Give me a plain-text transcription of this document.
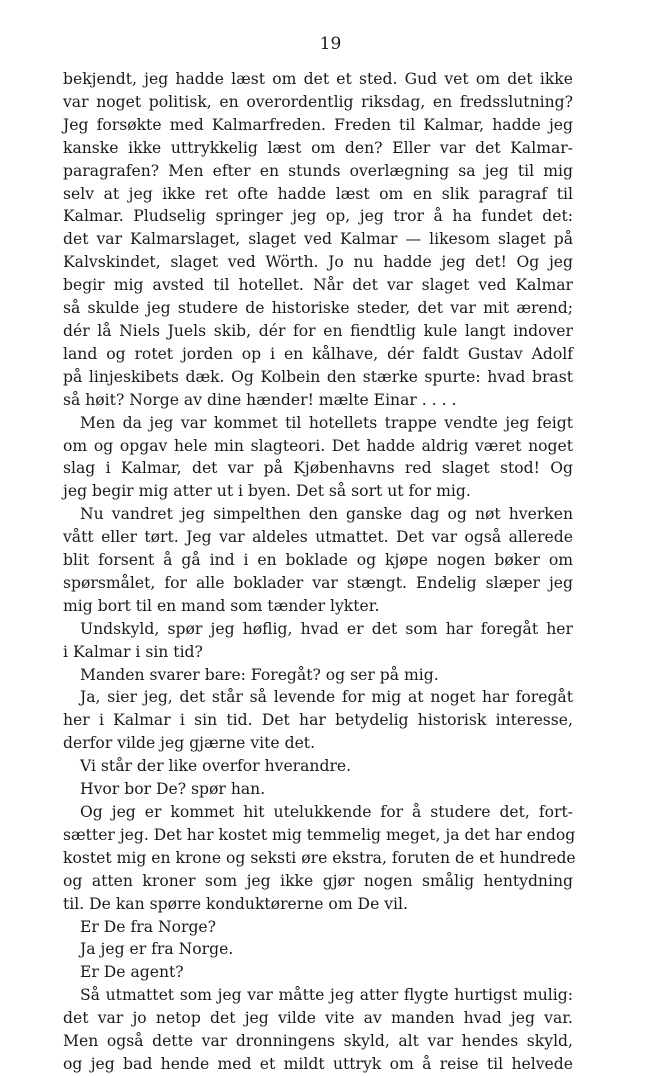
19

bekjendt, jeg hadde læst om det et sted. Gud vet om det ikke
var noget politisk, en overordentlig riksdag, en fredsslutning?
Jeg forsøkte med Kalmarfreden. Freden til Kalmar, hadde jeg
kanske ikke uttrykkelig læst om den? Eller var det Kalmar-
paragrafen? Men efter en stunds overlægning sa jeg til mig
selv at jeg ikke ret ofte hadde læst om en slik paragraf til
Kalmar. Pludselig springer jeg op, jeg tror å ha fundet det:
det var Kalmarslaget, slaget ved Kalmar — likesom slaget på
Kalvskindet, slaget ved Wörth. Jo nu hadde jeg det! Og jeg
begir mig avsted til hotellet. Når det var slaget ved Kalmar
så skulde jeg studere de historiske steder, det var mit ærend;
dér lå Niels Juels skib, dér for en fiendtlig kule langt indover
land og rotet jorden op i en kålhave, dér faldt Gustav Adolf
på linjeskibets dæk. Og Kolbein den stærke spurte: hvad brast
så høit? Norge av dine hænder! mælte Einar . . . .

Men da jeg var kommet til hotellets trappe vendte jeg feigt
om og opgav hele min slagteori. Det hadde aldrig været noget
slag i Kalmar, det var på Kjøbenhavns red slaget stod! Og
jeg begir mig atter ut i byen. Det så sort ut for mig.

Nu vandret jeg simpelthen den ganske dag og nøt hverken
vått eller tørt. Jeg var aldeles utmattet. Det var også allerede
blit forsent å gå ind i en boklade og kjøpe nogen bøker om
spørsmålet, for alle boklader var stængt. Endelig slæper jeg
mig bort til en mand som tænder lykter.

Undskyld, spør jeg høflig, hvad er det som har foregåt her
i Kalmar i sin tid?

Manden svarer bare: Foregåt? og ser på mig.

Ja, sier jeg, det står så levende for mig at noget har foregåt
her i Kalmar i sin tid. Det har betydelig historisk interesse,
derfor vilde jeg gjærne vite det.

Vi står der like overfor hverandre.

Hvor bor De? spør han.

Og jeg er kommet hit utelukkende for å studere det, fort-
sætter jeg. Det har kostet mig temmelig meget, ja det har endog
kostet mig en krone og seksti øre ekstra, foruten de et hundrede
og atten kroner som jeg ikke gjør nogen smålig hentydning
til. De kan spørre konduktørerne om De vil.

Er De fra Norge?

Ja jeg er fra Norge.

Er De agent?

Så utmattet som jeg var måtte jeg atter flygte hurtigst mulig:
det var jo netop det jeg vilde vite av manden hvad jeg var.
Men også dette var dronningens skyld, alt var hendes skyld,
og jeg bad hende med et mildt uttryk om å reise til helvede
